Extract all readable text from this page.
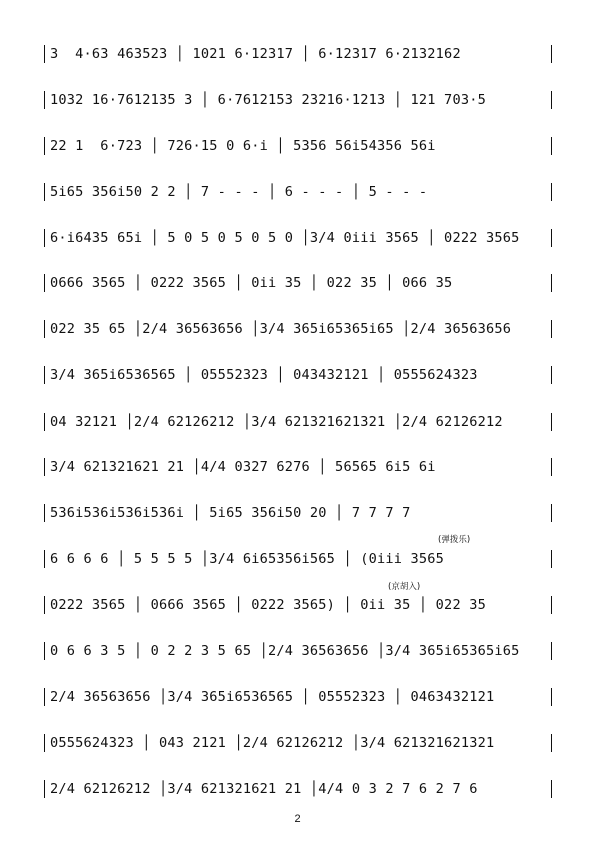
3  4·63 463523 │ 1021 6·12317 │ 6·12317 6·2132162
1032 16·7612135 3 │ 6·7612153 23216·1213 │ 121 703·5
22 1  6·723 │ 726·15 0 6·i │ 5356 56i54356 56i
5i65 356i50 2 2 │ 7 - - - │ 6 - - - │ 5 - - -
6·i6435 65i │ 5 0 5 0 5 0 5 0 │3/4 0iii 3565 │ 0222 3565
0666 3565 │ 0222 3565 │ 0ii 35 │ 022 35 │ 066 35
022 35 65 │2/4 36563656 │3/4 365i65365i65 │2/4 36563656
3/4 365i6536565 │ 05552323 │ 043432121 │ 0555624323
04 32121 │2/4 62126212 │3/4 621321621321 │2/4 62126212
3/4 621321621 21 │4/4 0327 6276 │ 56565 6i5 6i
536i536i536i536i │ 5i65 356i50 20 │ 7 7 7 7
(弹拨乐)
6 6 6 6 │ 5 5 5 5 │3/4 6i65356i565 │ (0iii 3565
(京胡入)
0222 3565 │ 0666 3565 │ 0222 3565) │ 0ii 35 │ 022 35
0 6 6 3 5 │ 0 2 2 3 5 65 │2/4 36563656 │3/4 365i65365i65
2/4 36563656 │3/4 365i6536565 │ 05552323 │ 0463432121
0555624323 │ 043 2121 │2/4 62126212 │3/4 621321621321
2/4 62126212 │3/4 621321621 21 │4/4 0 3 2 7 6 2 7 6
2
